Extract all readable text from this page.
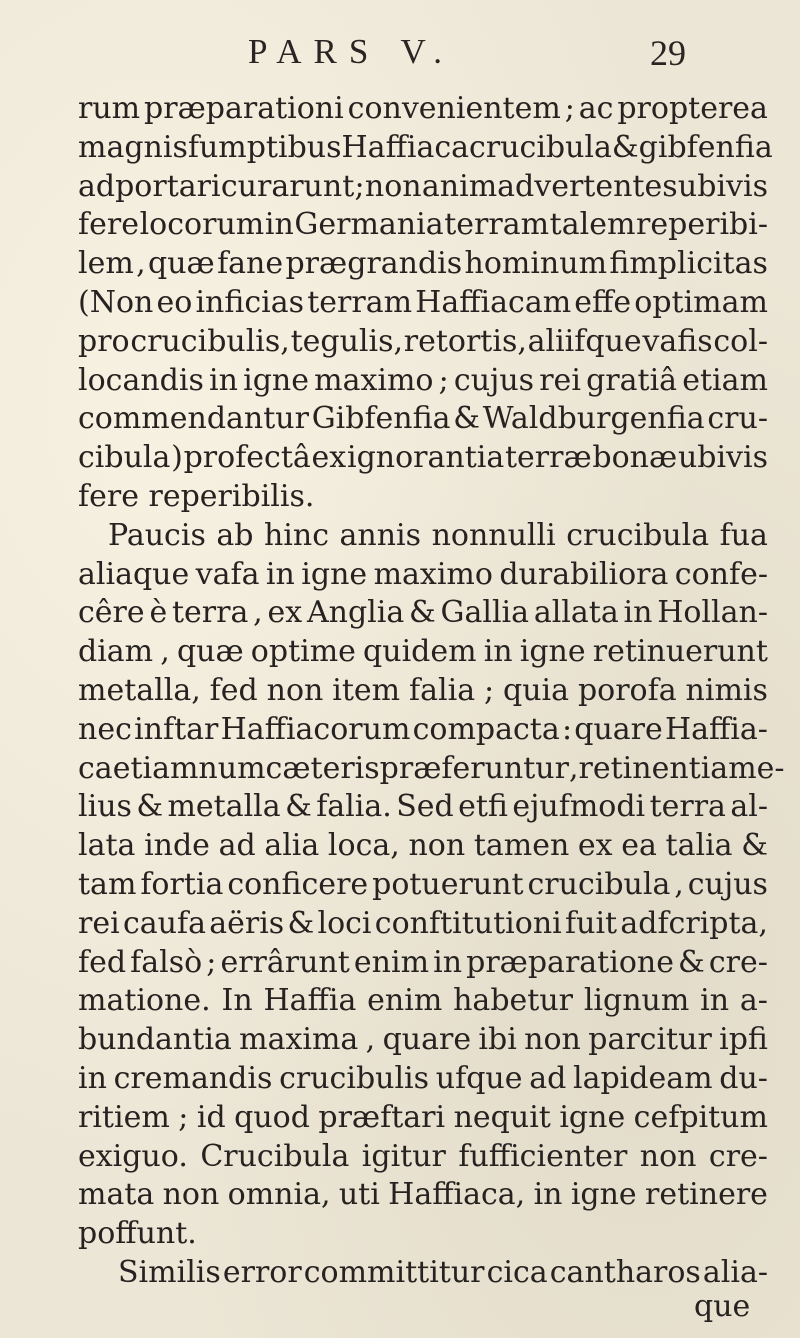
PARS V.	29
rum præparationi convenientem ; ac propterea
magnis fumptibus Haffiaca crucibula & gibfenfia
adportari curarunt ; non animadvertentes ubivis
fere locorum in Germania terram talem reperibi-
lem , quæ fane prægrandis hominum fimplicitas
(Non eo inficias terram Haffiacam effe optimam
pro crucibulis, tegulis, retortis, aliifque vafis col-
locandis in igne maximo ; cujus rei gratiâ etiam
commendantur Gibfenfia & Waldburgenfia cru-
cibula ) profectâ ex ignorantia terræ bonæ ubivis
fere reperibilis.
Paucis ab hinc annis nonnulli crucibula fua
aliaque vafa in igne maximo durabiliora confe-
cêre è terra , ex Anglia & Gallia allata in Hollan-
diam , quæ optime quidem in igne retinuerunt
metalla, fed non item falia ; quia porofa nimis
nec inftar Haffiacorum compacta : quare Haffia-
ca etiamnum cæteris præferuntur , retinentia me-
lius & metalla & falia. Sed etfi ejufmodi terra al-
lata inde ad alia loca, non tamen ex ea talia &
tam fortia conficere potuerunt crucibula , cujus
rei caufa aëris & loci conftitutioni fuit adfcripta,
fed falsò ; errârunt enim in præparatione & cre-
matione. In Haffia enim habetur lignum in a-
bundantia maxima , quare ibi non parcitur ipfi
in cremandis crucibulis ufque ad lapideam du-
ritiem ; id quod præftari nequit igne cefpitum
exiguo. Crucibula igitur fufficienter non cre-
mata non omnia, uti Haffiaca, in igne retinere
poffunt.
Similis error committitur cica cantharos alia-
que
